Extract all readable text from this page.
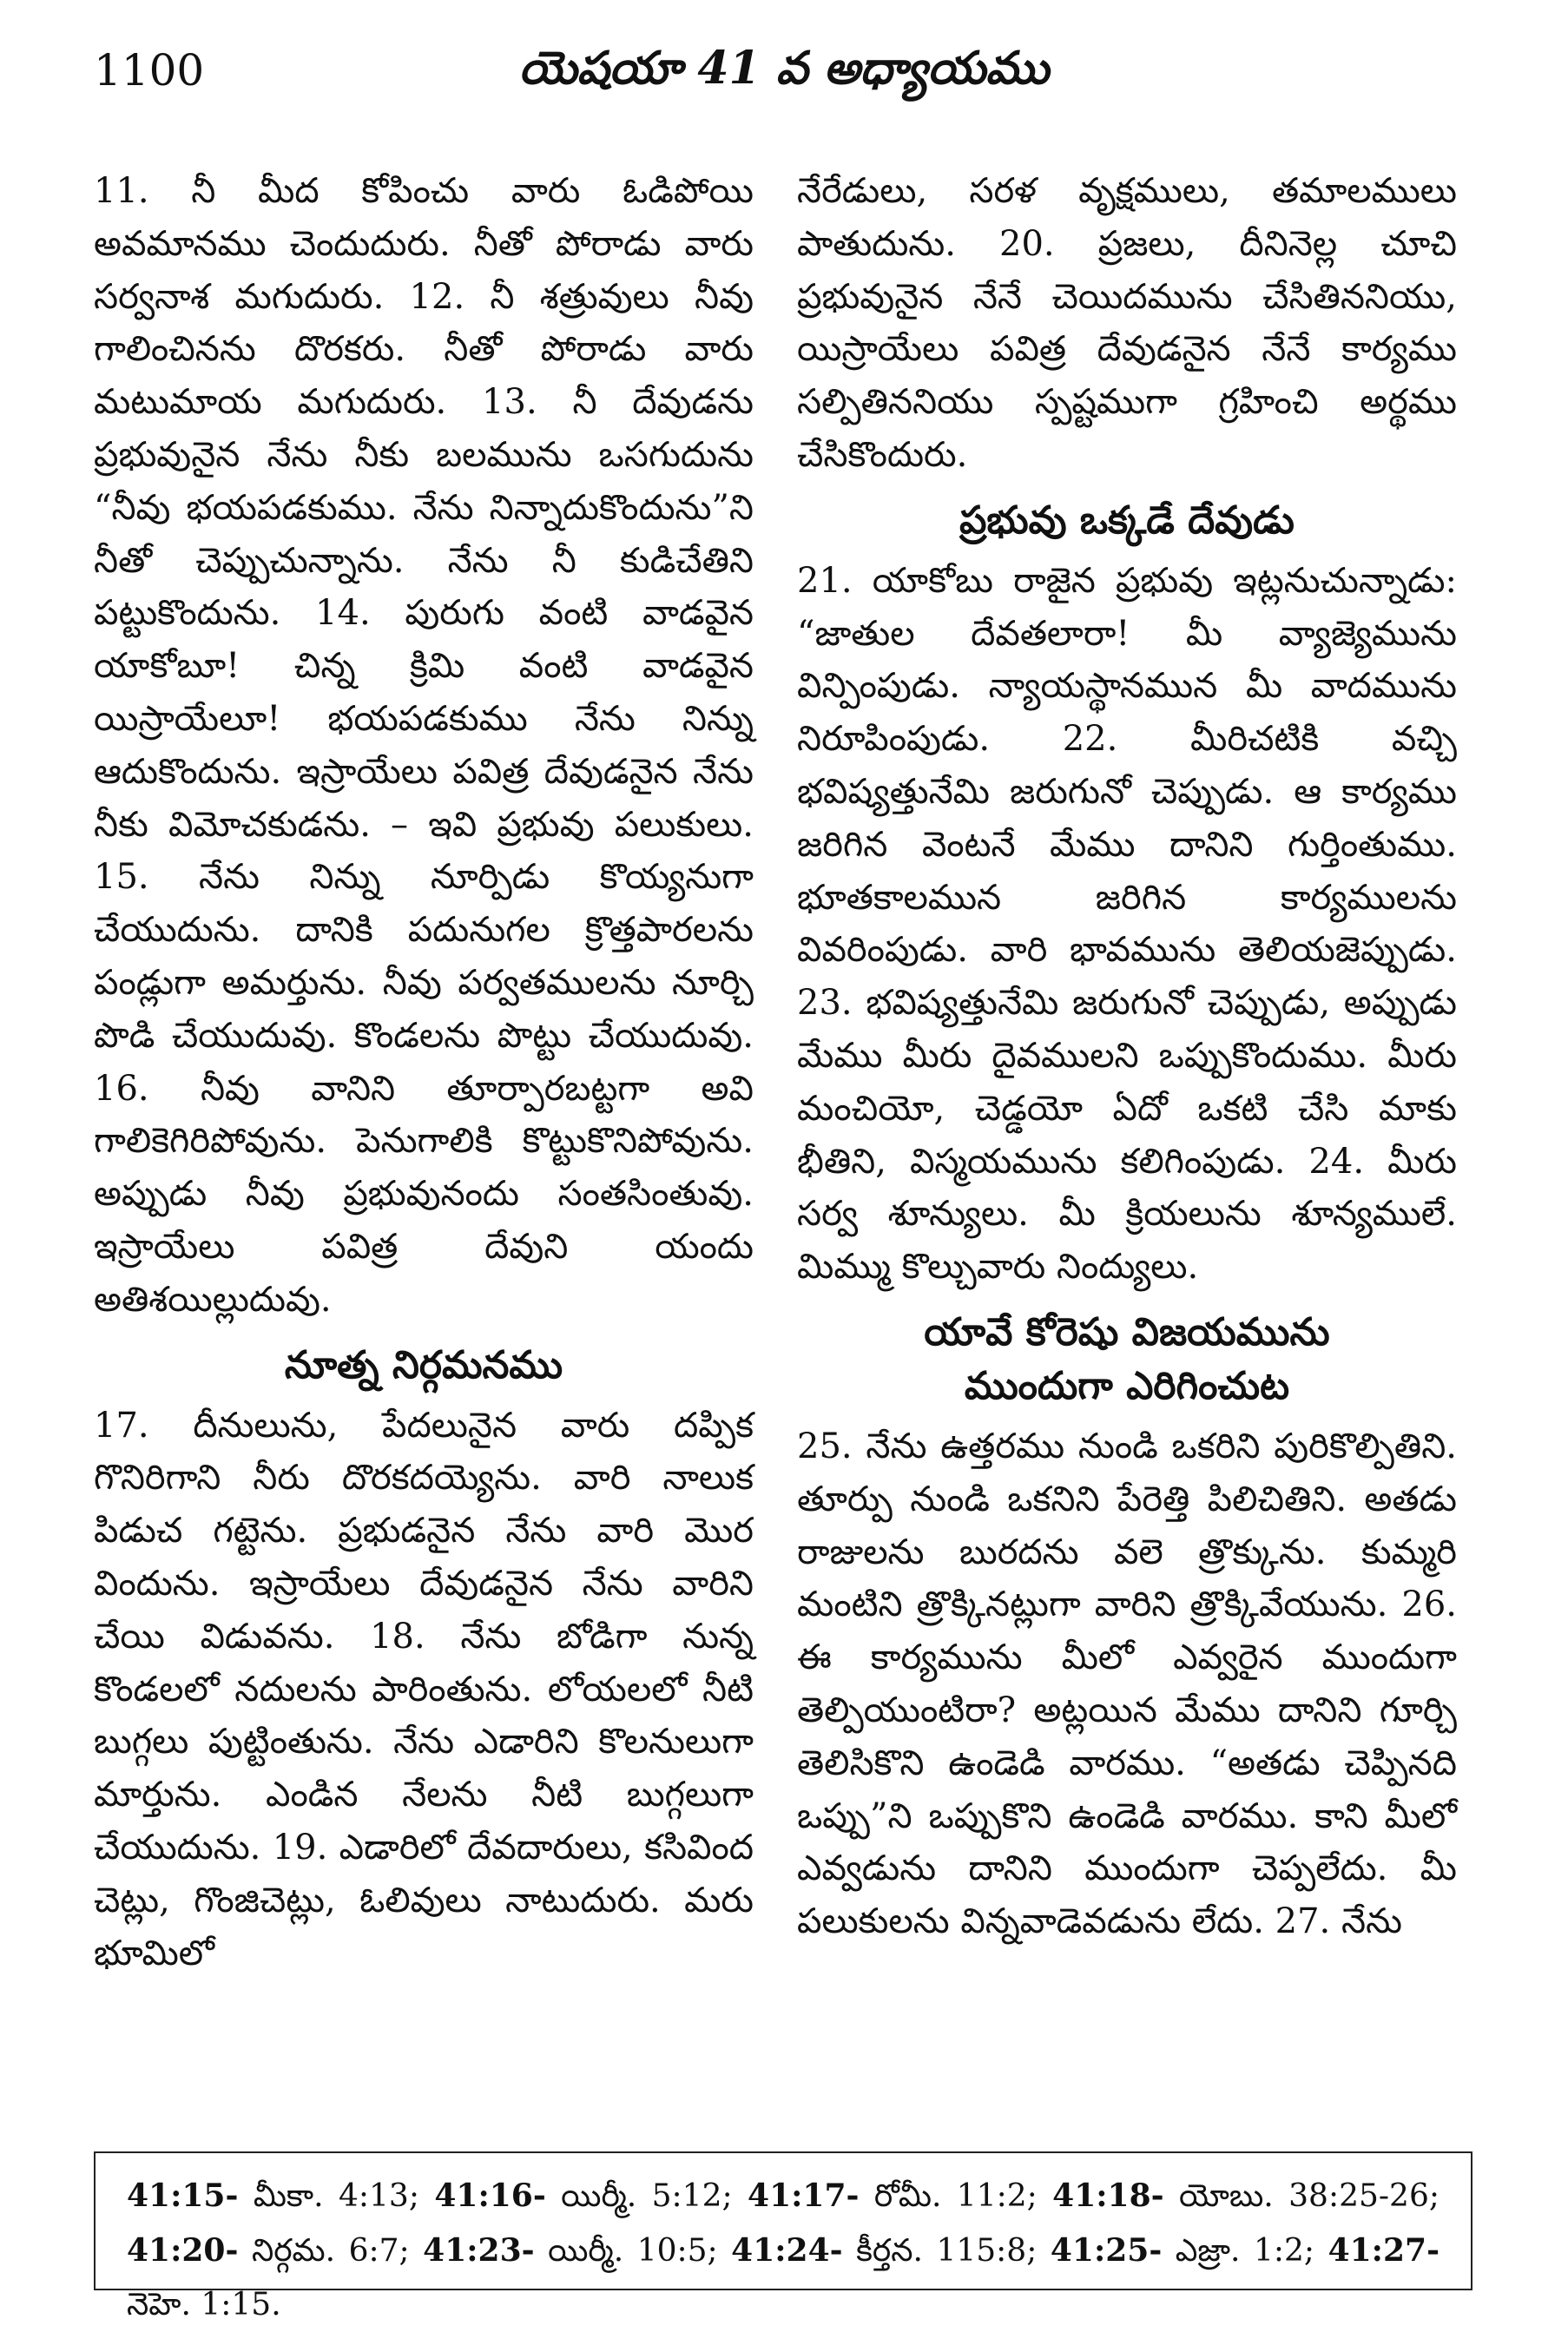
1100	యెషయా 41 వ అధ్యాయము

11. నీ మీద కోపించు వారు ఓడిపోయి అవమానము చెందుదురు. నీతో పోరాడు వారు సర్వనాశ మగుదురు. 12. నీ శత్రువులు నీవు గాలించినను దొరకరు. నీతో పోరాడు వారు మటుమాయ మగుదురు. 13. నీ దేవుడను ప్రభువునైన నేను నీకు బలమును ఒసగుదును “నీవు భయపడకుము. నేను నిన్నాదుకొందును”ని నీతో చెప్పుచున్నాను. నేను నీ కుడిచేతిని పట్టుకొందును. 14. పురుగు వంటి వాడవైన యాకోబూ! చిన్న క్రిమి వంటి వాడవైన యిస్రాయేలూ! భయపడకుము నేను నిన్ను ఆదుకొందును. ఇస్రాయేలు పవిత్ర దేవుడనైన నేను నీకు విమోచకుడను. – ఇవి ప్రభువు పలుకులు. 15. నేను నిన్ను నూర్పిడు కొయ్యనుగా చేయుదును. దానికి పదునుగల క్రొత్తపారలను పండ్లుగా అమర్తును. నీవు పర్వతములను నూర్చి పొడి చేయుదువు. కొండలను పొట్టు చేయుదువు. 16. నీవు వానిని తూర్పారబట్టగా అవి గాలికెగిరిపోవును. పెనుగాలికి కొట్టుకొనిపోవును. అప్పుడు నీవు ప్రభువునందు సంతసింతువు. ఇస్రాయేలు పవిత్ర దేవుని యందు అతిశయిల్లుదువు.

నూత్న నిర్గమనము

17. దీనులును, పేదలునైన వారు దప్పిక గొనిరిగాని నీరు దొరకదయ్యెను. వారి నాలుక పిడుచ గట్టెను. ప్రభుడనైన నేను వారి మొర విందును. ఇస్రాయేలు దేవుడనైన నేను వారిని చేయి విడువను. 18. నేను బోడిగా నున్న కొండలలో నదులను పారింతును. లోయలలో నీటి బుగ్గలు పుట్టింతును. నేను ఎడారిని కొలనులుగా మార్తును. ఎండిన నేలను నీటి బుగ్గలుగా చేయుదును. 19. ఎడారిలో దేవదారులు, కసివింద చెట్లు, గొంజిచెట్లు, ఓలివులు నాటుదురు. మరు భూమిలో

నేరేడులు, సరళ వృక్షములు, తమాలములు పాతుదును. 20. ప్రజలు, దీనినెల్ల చూచి ప్రభువునైన నేనే చెయిదమును చేసితిననియు, యిస్రాయేలు పవిత్ర దేవుడనైన నేనే కార్యము సల్పితిననియు స్పష్టముగా గ్రహించి అర్థము చేసికొందురు.

ప్రభువు ఒక్కడే దేవుడు

21. యాకోబు రాజైన ప్రభువు ఇట్లనుచున్నాడు: “జాతుల దేవతలారా! మీ వ్యాజ్యెమును విన్పింపుడు. న్యాయస్థానమున మీ వాదమును నిరూపింపుడు. 22. మీరిచటికి వచ్చి భవిష్యత్తునేమి జరుగునో చెప్పుడు. ఆ కార్యము జరిగిన వెంటనే మేము దానిని గుర్తింతుము. భూతకాలమున జరిగిన కార్యములను వివరింపుడు. వారి భావమును తెలియజెప్పుడు. 23. భవిష్యత్తునేమి జరుగునో చెప్పుడు, అప్పుడు మేము మీరు దైవములని ఒప్పుకొందుము. మీరు మంచియో, చెడ్డయో ఏదో ఒకటి చేసి మాకు భీతిని, విస్మయమును కలిగింపుడు. 24. మీరు సర్వ శూన్యులు. మీ క్రియలును శూన్యములే. మిమ్ము కొల్చువారు నింద్యులు.

యావే కోరెషు విజయమును
ముందుగా ఎరిగించుట

25. నేను ఉత్తరము నుండి ఒకరిని పురికొల్పితిని. తూర్పు నుండి ఒకనిని పేరెత్తి పిలిచితిని. అతడు రాజులను బురదను వలె త్రొక్కును. కుమ్మరి మంటిని త్రొక్కినట్లుగా వారిని త్రొక్కివేయును. 26. ఈ కార్యమును మీలో ఎవ్వరైన ముందుగా తెల్పియుంటిరా? అట్లయిన మేము దానిని గూర్చి తెలిసికొని ఉండెడి వారము. “అతడు చెప్పినది ఒప్పు”ని ఒప్పుకొని ఉండెడి వారము. కాని మీలో ఎవ్వడును దానిని ముందుగా చెప్పలేదు. మీ పలుకులను విన్నవాడెవడును లేదు. 27. నేను

41:15- మీకా. 4:13; 41:16- యిర్మీ. 5:12; 41:17- రోమీ. 11:2; 41:18- యోబు. 38:25-26; 41:20- నిర్గమ. 6:7; 41:23- యిర్మీ. 10:5; 41:24- కీర్తన. 115:8; 41:25- ఎజ్రా. 1:2; 41:27- నెహె. 1:15.
